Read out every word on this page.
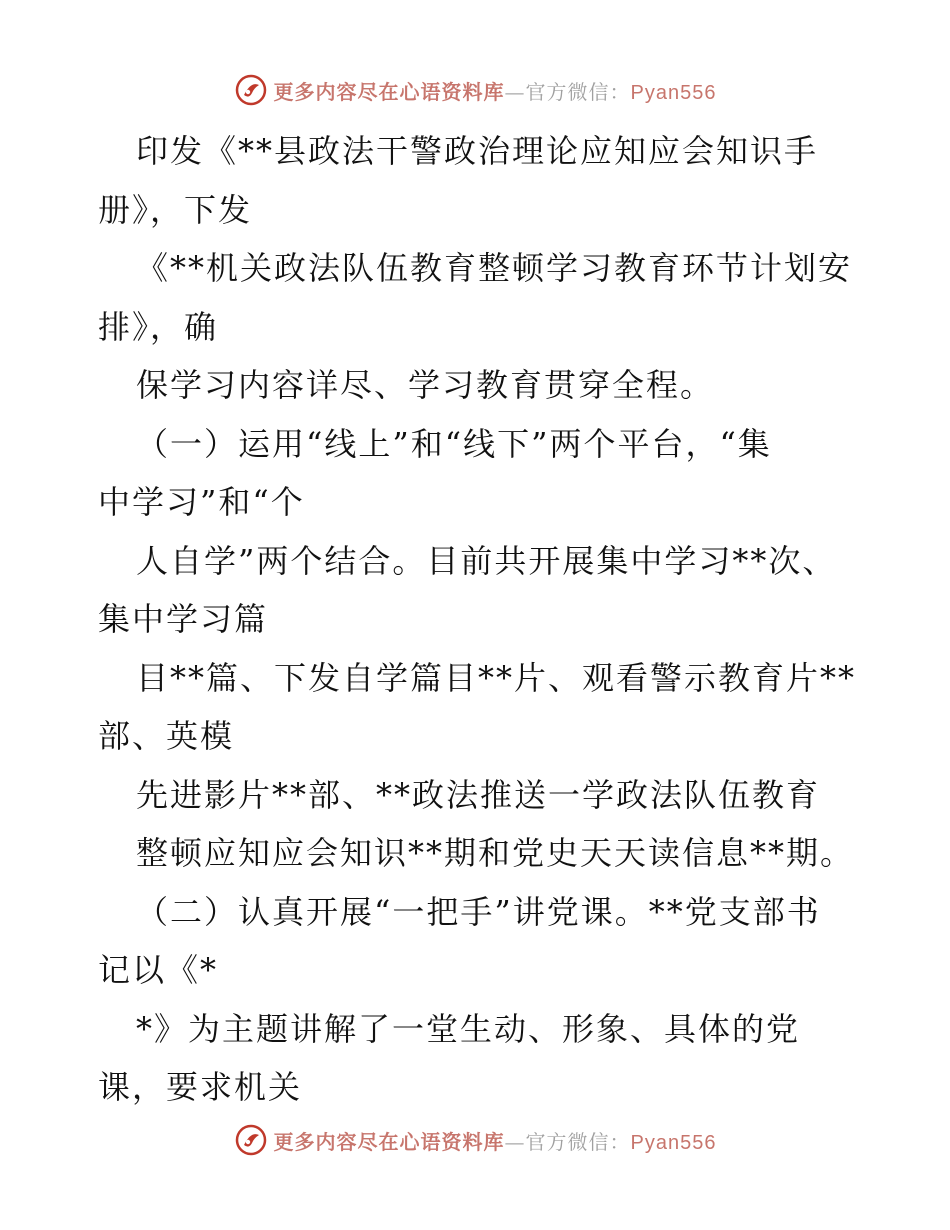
更多内容尽在心语资料库—官方微信：Pyan556
印发《**县政法干警政治理论应知应会知识手
册》，下发
《**机关政法队伍教育整顿学习教育环节计划安
排》，确
保学习内容详尽、学习教育贯穿全程。
（一）运用“线上”和“线下”两个平台，“集
中学习”和“个
人自学”两个结合。目前共开展集中学习**次、
集中学习篇
目**篇、下发自学篇目**片、观看警示教育片**
部、英模
先进影片**部、**政法推送一学政法队伍教育
整顿应知应会知识**期和党史天天读信息**期。
（二）认真开展“一把手”讲党课。**党支部书
记以《*
*》为主题讲解了一堂生动、形象、具体的党
课，要求机关
更多内容尽在心语资料库—官方微信：Pyan556
